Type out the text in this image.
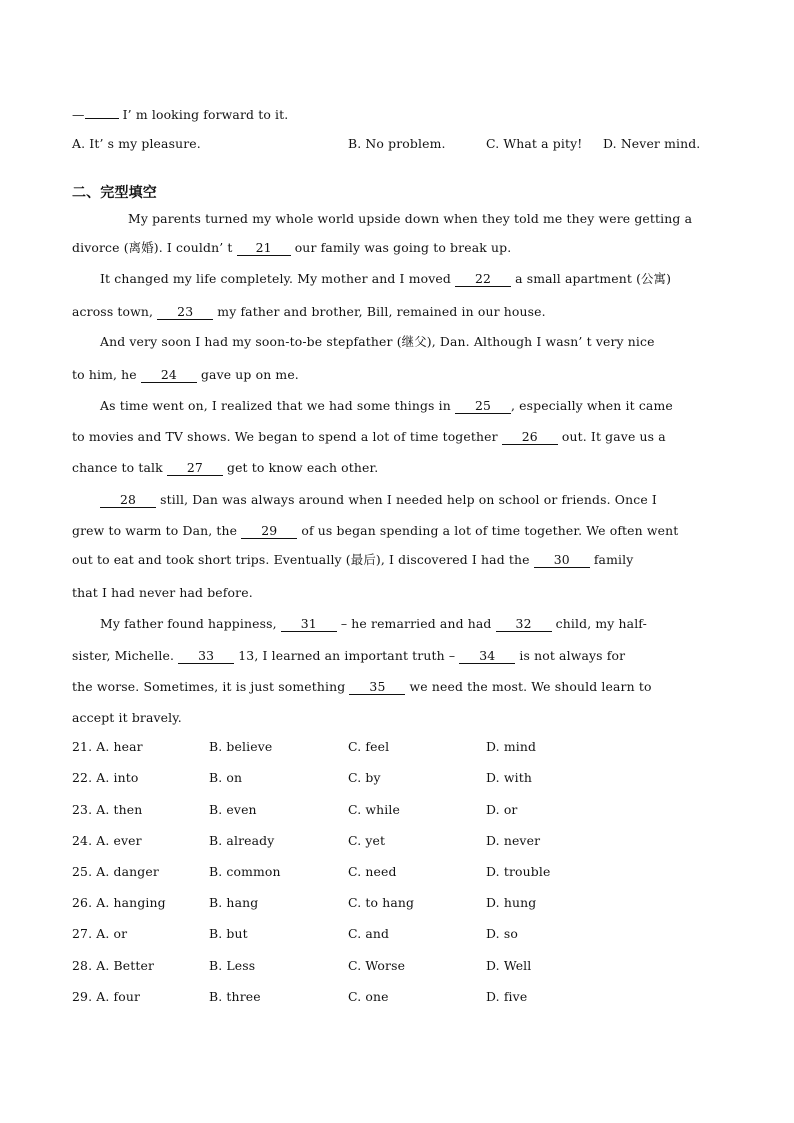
—	I’ m looking forward to it.
A. It’ s my pleasure.	B. No problem.	C. What a pity! D. Never mind.
二、完型填空
My parents turned my whole world upside down when they told me they were getting a
divorce (离婚). I couldn’ t 21 our family was going to break up.
It changed my life completely. My mother and I moved 22 a small apartment (公寓)
across town, 23 my father and brother, Bill, remained in our house.
And very soon I had my soon-to-be stepfather (继父), Dan. Although I wasn’ t very nice
to him, he 24 gave up on me.
As time went on, I realized that we had some things in 25 , especially when it came
to movies and TV shows. We began to spend a lot of time together 26 out. It gave us a
chance to talk 27 get to know each other.
28 still, Dan was always around when I needed help on school or friends. Once I
grew to warm to Dan, the 29 of us began spending a lot of time together. We often went
out to eat and took short trips. Eventually (最后), I discovered I had the 30 family
that I had never had before.
My father found happiness, 31 – he remarried and had 32 child, my half-
sister, Michelle. 33 13, I learned an important truth – 34 is not always for
the worse. Sometimes, it is just something 35 we need the most. We should learn to
accept it bravely.
21. A. hear	B. believe	C. feel	D. mind
22. A. into	B. on	C. by	D. with
23. A. then	B. even	C. while	D. or
24. A. ever	B. already	C. yet	D. never
25. A. danger	B. common	C. need	D. trouble
26. A. hanging	B. hang	C. to hang	D. hung
27. A. or	B. but	C. and	D. so
28. A. Better	B. Less	C. Worse	D. Well
29. A. four	B. three	C. one	D. five
